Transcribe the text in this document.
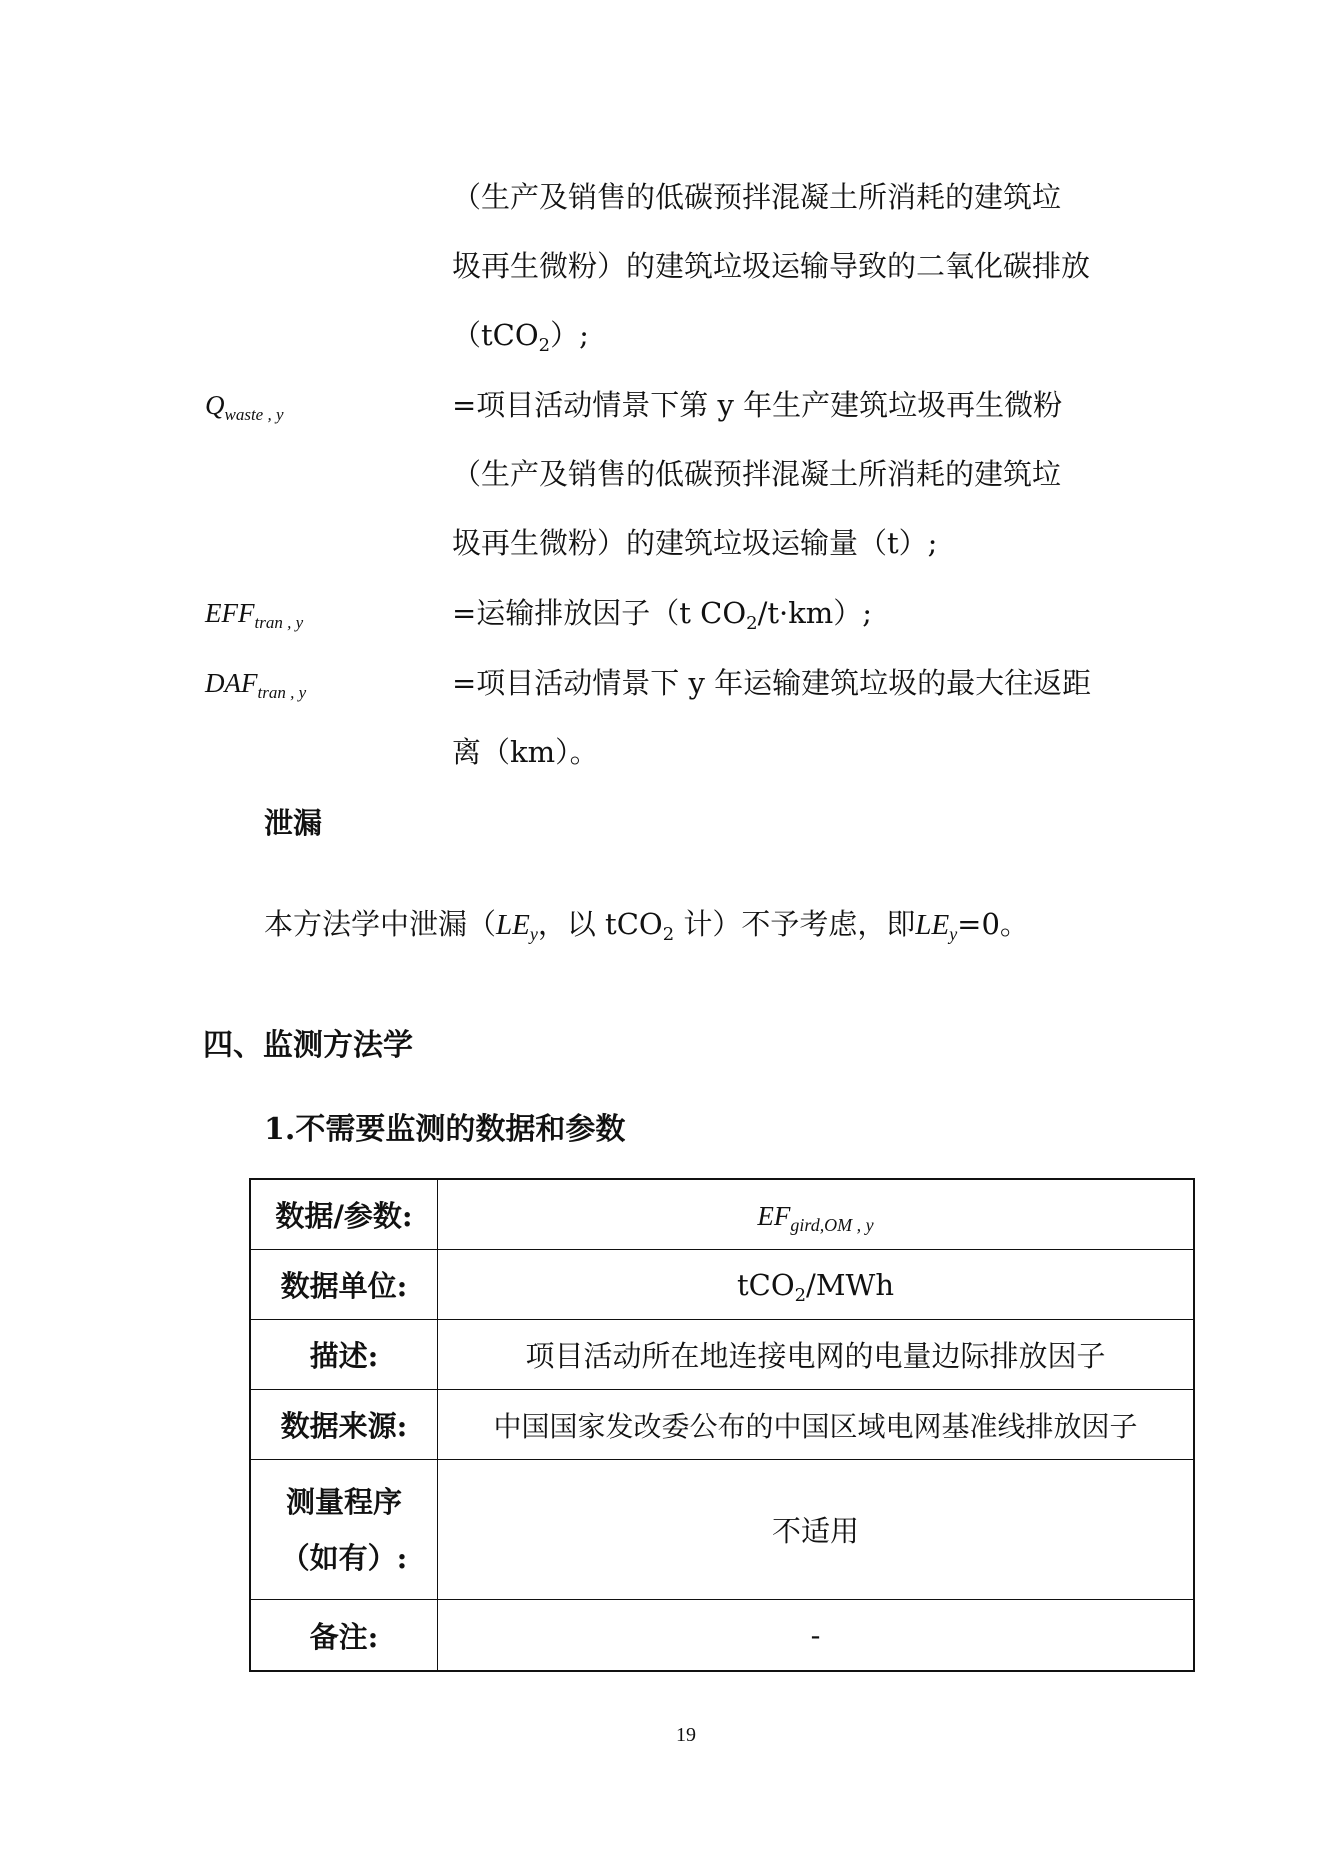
（生产及销售的低碳预拌混凝土所消耗的建筑垃
圾再生微粉）的建筑垃圾运输导致的二氧化碳排放
（tCO$_2$）;
$Q_{waste , y}$	=项目活动情景下第 y 年生产建筑垃圾再生微粉
（生产及销售的低碳预拌混凝土所消耗的建筑垃
圾再生微粉）的建筑垃圾运输量（t）;
$EFF_{tran , y}$	=运输排放因子（t $CO_2/t\cdot km$）;
$DAF_{tran , y}$	=项目活动情景下 y 年运输建筑垃圾的最大往返距
离（km）。
泄漏
本方法学中泄漏（$LE_y$，以 tCO$_2$ 计）不予考虑，即$LE_y=0$。
四、监测方法学
1.不需要监测的数据和参数
数据/参数:	$EF_{gird,OM , y}$
数据单位:	tCO$_2$/MWh
描述:	项目活动所在地连接电网的电量边际排放因子
数据来源:	中国国家发改委公布的中国区域电网基准线排放因子

测量程序
（如有）:	不适用
备注:	-
19
